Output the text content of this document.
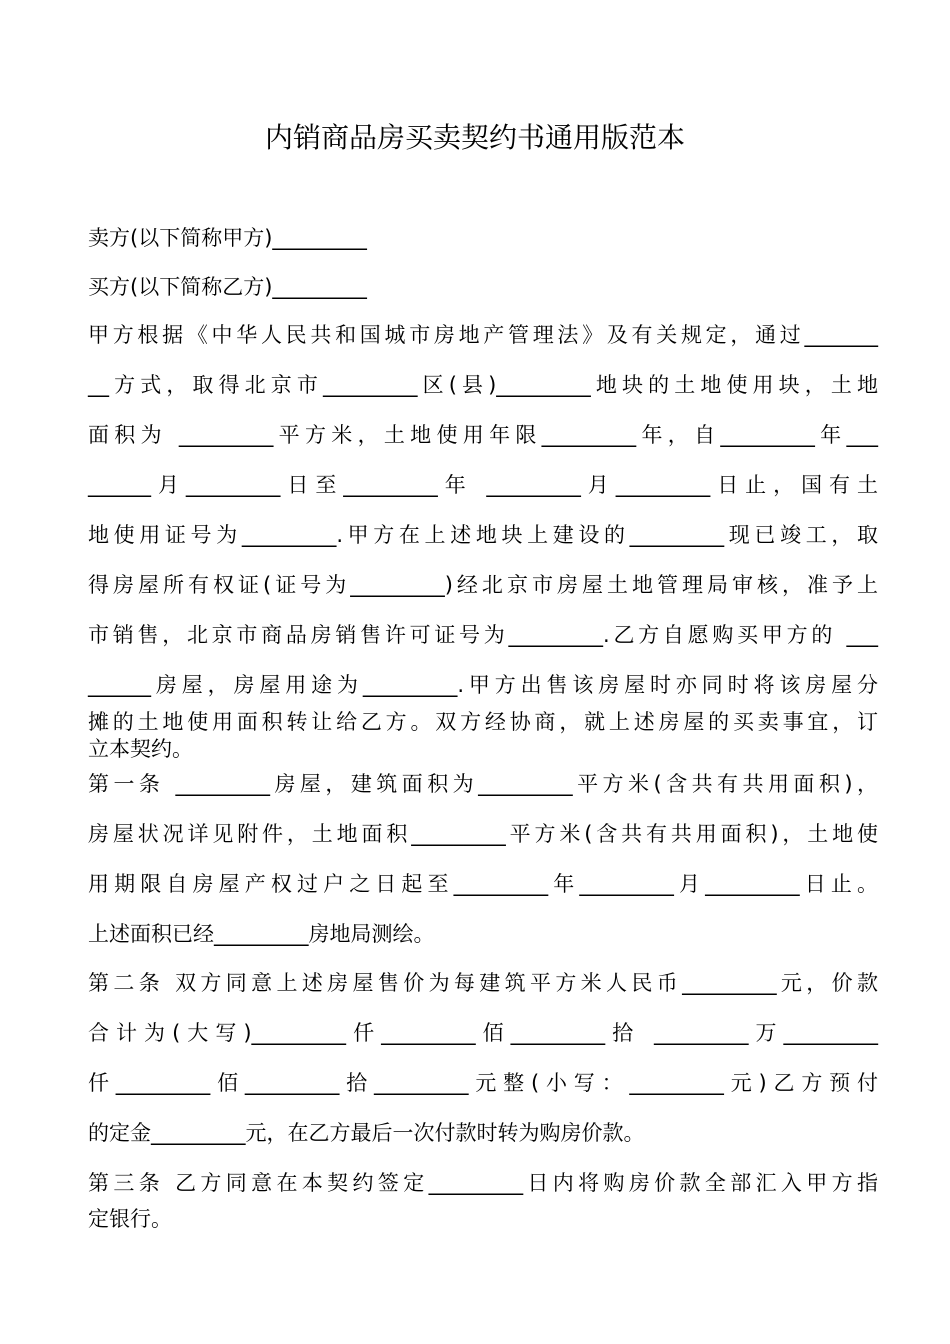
内销商品房买卖契约书通用版范本
卖方(以下简称甲方)_________
买方(以下简称乙方)_________
甲方根据《中华人民共和国城市房地产管理法》及有关规定，通过_______
__方式，取得北京市_________区(县)_________地块的土地使用块，土地
面积为 _________平方米，土地使用年限_________年，自_________年___
______月_________日至_________年 _________月_________日止，国有土
地使用证号为_________.甲方在上述地块上建设的_________现已竣工，取
得房屋所有权证(证号为_________)经北京市房屋土地管理局审核，准予上
市销售，北京市商品房销售许可证号为_________.乙方自愿购买甲方的 ___
______房屋，房屋用途为_________.甲方出售该房屋时亦同时将该房屋分
摊的土地使用面积转让给乙方。双方经协商，就上述房屋的买卖事宜，订
立本契约。
第一条 _________房屋，建筑面积为_________平方米(含共有共用面积)，
房屋状况详见附件，土地面积_________平方米(含共有共用面积)，土地使
用期限自房屋产权过户之日起至_________年_________月_________日止。
上述面积已经_________房地局测绘。
第二条 双方同意上述房屋售价为每建筑平方米人民币_________元，价款
合计为(大写)_________仟_________佰_________拾 _________万_________
仟_________佰_________拾_________元整(小写：_________元)乙方预付
的定金_________元，在乙方最后一次付款时转为购房价款。
第三条 乙方同意在本契约签定_________日内将购房价款全部汇入甲方指
定银行。
